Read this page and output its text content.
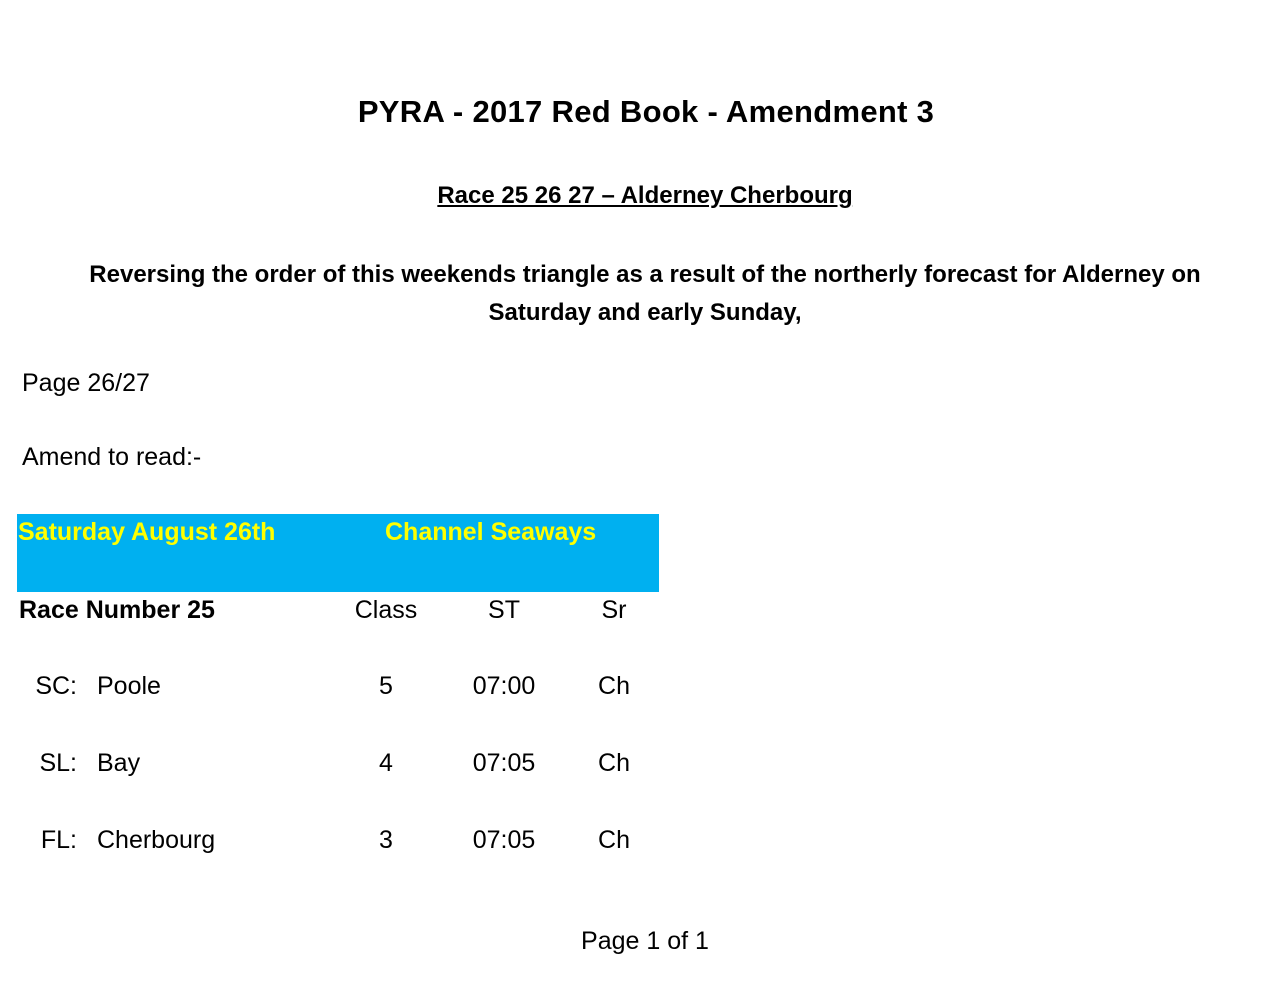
PYRA - 2017 Red Book - Amendment 3
Race 25 26 27 – Alderney Cherbourg
Reversing the order of this weekends triangle as a result of the northerly forecast for Alderney on
Saturday and early Sunday,
Page 26/27
Amend to read:-
Saturday August 26th	Channel Seaways
Race Number 25	Class	ST	Sr
SC: Poole	5	07:00	Ch
SL: Bay	4	07:05	Ch
FL: Cherbourg	3	07:05	Ch
Page 1 of 1
